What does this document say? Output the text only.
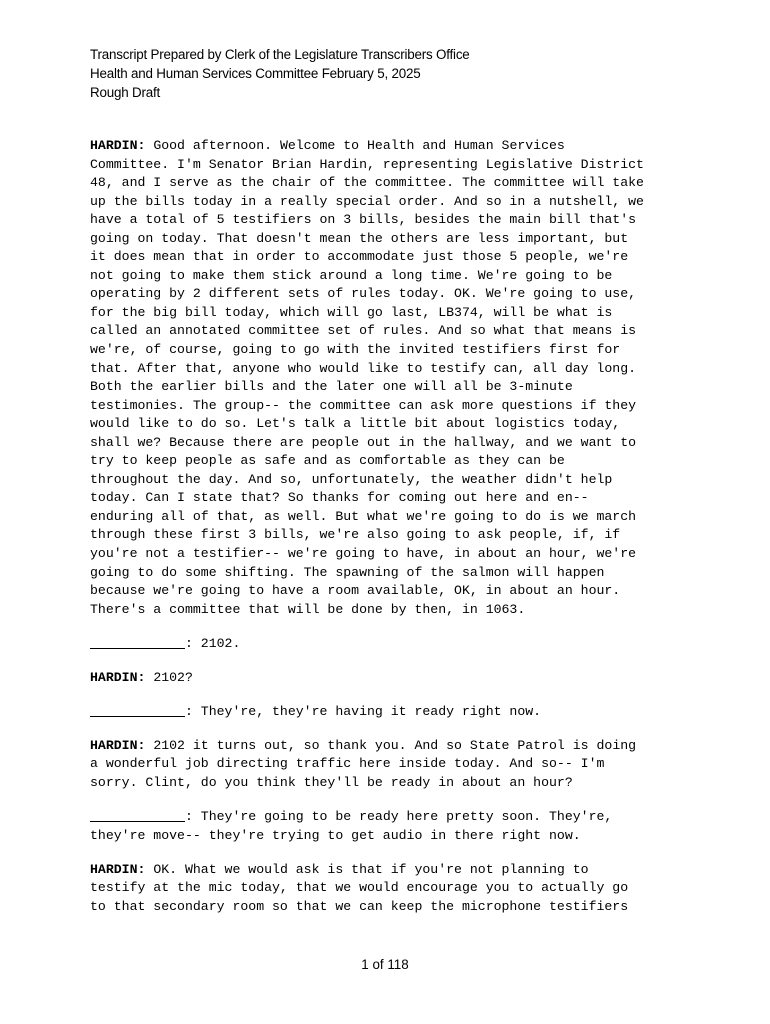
Transcript Prepared by Clerk of the Legislature Transcribers Office
Health and Human Services Committee February 5, 2025
Rough Draft

HARDIN: Good afternoon. Welcome to Health and Human Services
Committee. I'm Senator Brian Hardin, representing Legislative District
48, and I serve as the chair of the committee. The committee will take
up the bills today in a really special order. And so in a nutshell, we
have a total of 5 testifiers on 3 bills, besides the main bill that's
going on today. That doesn't mean the others are less important, but
it does mean that in order to accommodate just those 5 people, we're
not going to make them stick around a long time. We're going to be
operating by 2 different sets of rules today. OK. We're going to use,
for the big bill today, which will go last, LB374, will be what is
called an annotated committee set of rules. And so what that means is
we're, of course, going to go with the invited testifiers first for
that. After that, anyone who would like to testify can, all day long.
Both the earlier bills and the later one will all be 3-minute
testimonies. The group-- the committee can ask more questions if they
would like to do so. Let's talk a little bit about logistics today,
shall we? Because there are people out in the hallway, and we want to
try to keep people as safe and as comfortable as they can be
throughout the day. And so, unfortunately, the weather didn't help
today. Can I state that? So thanks for coming out here and en--
enduring all of that, as well. But what we're going to do is we march
through these first 3 bills, we're also going to ask people, if, if
you're not a testifier-- we're going to have, in about an hour, we're
going to do some shifting. The spawning of the salmon will happen
because we're going to have a room available, OK, in about an hour.
There's a committee that will be done by then, in 1063.

____________: 2102.

HARDIN: 2102?

____________: They're, they're having it ready right now.

HARDIN: 2102 it turns out, so thank you. And so State Patrol is doing
a wonderful job directing traffic here inside today. And so-- I'm
sorry. Clint, do you think they'll be ready in about an hour?

____________: They're going to be ready here pretty soon. They're,
they're move-- they're trying to get audio in there right now.

HARDIN: OK. What we would ask is that if you're not planning to
testify at the mic today, that we would encourage you to actually go
to that secondary room so that we can keep the microphone testifiers

1 of 118
